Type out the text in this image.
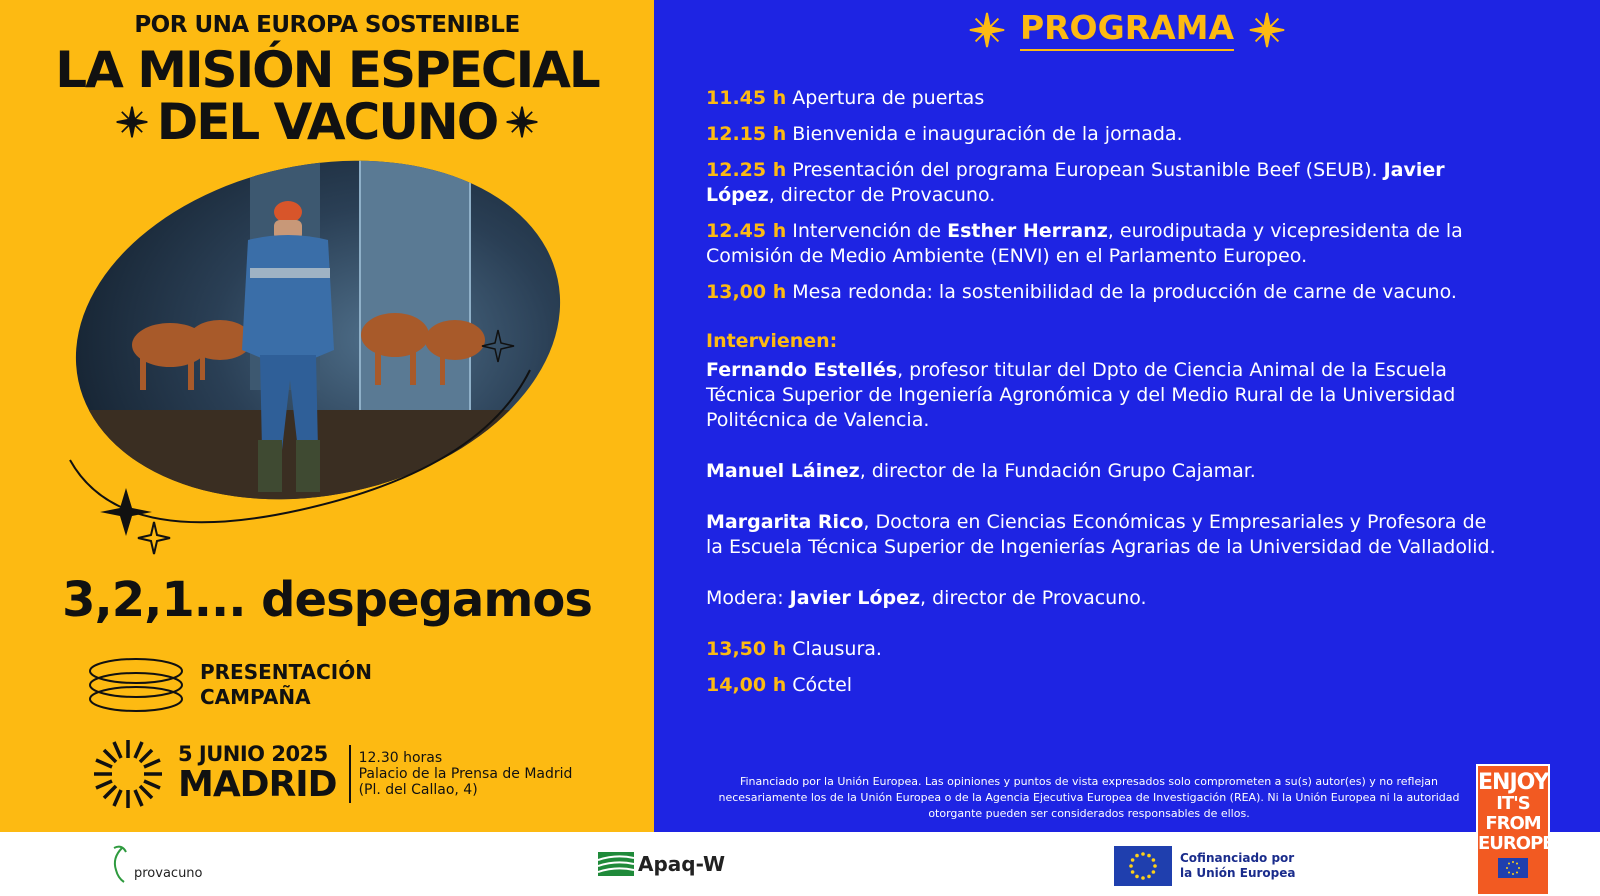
POR UNA EUROPA SOSTENIBLE
LA MISIÓN ESPECIAL
DEL VACUNO
3,2,1... despegamos
PRESENTACIÓN
CAMPAÑA
5 JUNIO 2025
MADRID
12.30 horas
Palacio de la Prensa de Madrid
(Pl. del Callao, 4)
PROGRAMA
11.45 h Apertura de puertas
12.15 h Bienvenida e inauguración de la jornada.
12.25 h Presentación del programa European Sustanible Beef (SEUB). Javier López, director de Provacuno.
12.45 h Intervención de Esther Herranz, eurodiputada y vicepresidenta de la Comisión de Medio Ambiente (ENVI) en el Parlamento Europeo.
13,00 h Mesa redonda: la sostenibilidad de la producción de carne de vacuno.
Intervienen:
Fernando Estellés, profesor titular del Dpto de Ciencia Animal de la Escuela Técnica Superior de Ingeniería Agronómica y del Medio Rural de la Universidad Politécnica de Valencia.
Manuel Láinez, director de la Fundación Grupo Cajamar.
Margarita Rico, Doctora en Ciencias Económicas y Empresariales y Profesora de la Escuela Técnica Superior de Ingenierías Agrarias de la Universidad de Valladolid.
Modera: Javier López, director de Provacuno.
13,50 h Clausura.
14,00 h Cóctel
Financiado por la Unión Europea. Las opiniones y puntos de vista expresados solo comprometen a su(s) autor(es) y no reflejan necesariamente los de la Unión Europea o de la Agencia Ejecutiva Europea de Investigación (REA). Ni la Unión Europea ni la autoridad otorgante pueden ser considerados responsables de ellos.
provacuno	Apaq-W	Cofinanciado por
la Unión Europea
ENJOY
IT'S FROM
EUROPE
